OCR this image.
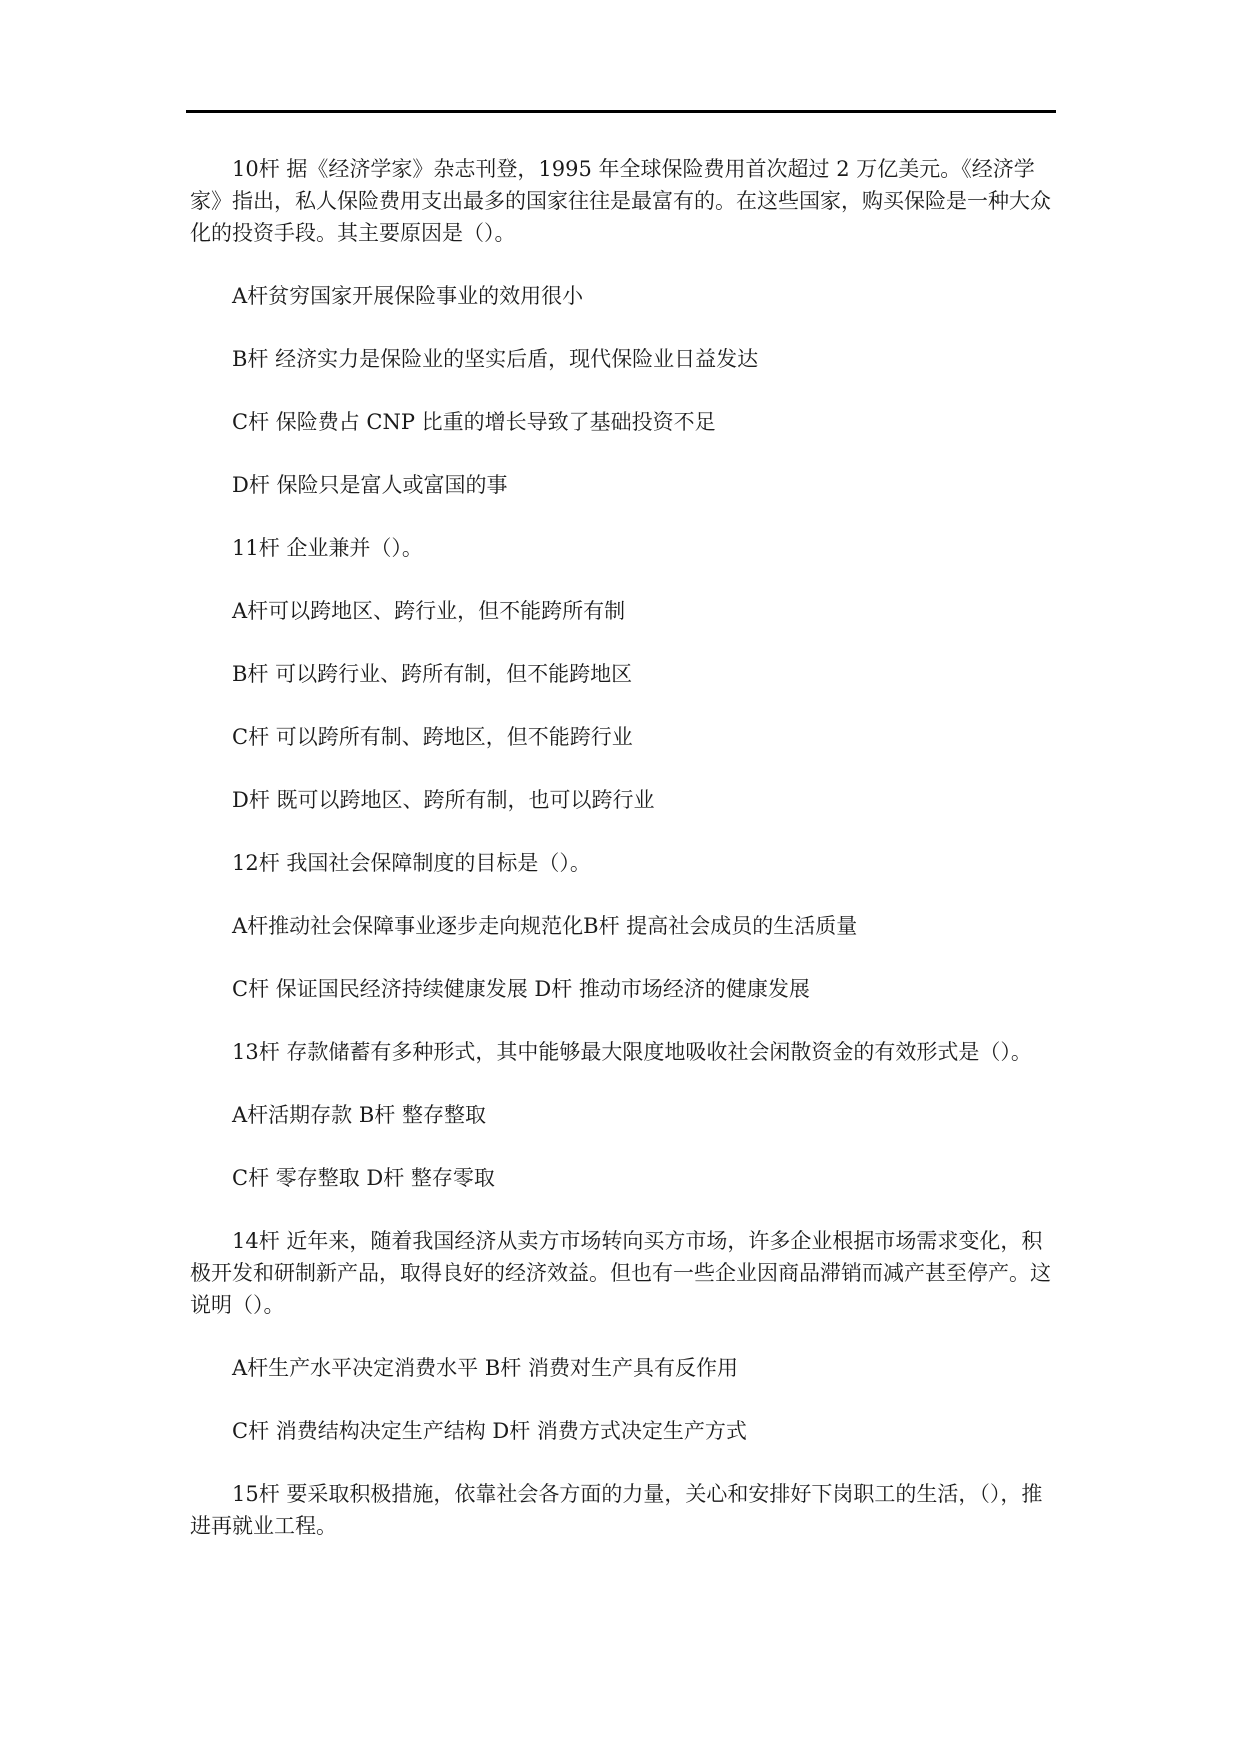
10杆 据《经济学家》杂志刊登，1995 年全球保险费用首次超过 2 万亿美元。《经济学家》指出，私人保险费用支出最多的国家往往是最富有的。在这些国家，购买保险是一种大众化的投资手段。其主要原因是（）。

A杆贫穷国家开展保险事业的效用很小

B杆 经济实力是保险业的坚实后盾，现代保险业日益发达

C杆 保险费占 CNP 比重的增长导致了基础投资不足

D杆 保险只是富人或富国的事

11杆 企业兼并（）。

A杆可以跨地区、跨行业，但不能跨所有制

B杆 可以跨行业、跨所有制，但不能跨地区

C杆 可以跨所有制、跨地区，但不能跨行业

D杆 既可以跨地区、跨所有制，也可以跨行业

12杆 我国社会保障制度的目标是（）。

A杆推动社会保障事业逐步走向规范化B杆 提高社会成员的生活质量

C杆 保证国民经济持续健康发展 D杆 推动市场经济的健康发展

13杆 存款储蓄有多种形式，其中能够最大限度地吸收社会闲散资金的有效形式是（）。

A杆活期存款 B杆 整存整取

C杆 零存整取 D杆 整存零取

14杆 近年来，随着我国经济从卖方市场转向买方市场，许多企业根据市场需求变化，积极开发和研制新产品，取得良好的经济效益。但也有一些企业因商品滞销而减产甚至停产。这说明（）。

A杆生产水平决定消费水平 B杆 消费对生产具有反作用

C杆 消费结构决定生产结构 D杆 消费方式决定生产方式

15杆 要采取积极措施，依靠社会各方面的力量，关心和安排好下岗职工的生活，（），推进再就业工程。
